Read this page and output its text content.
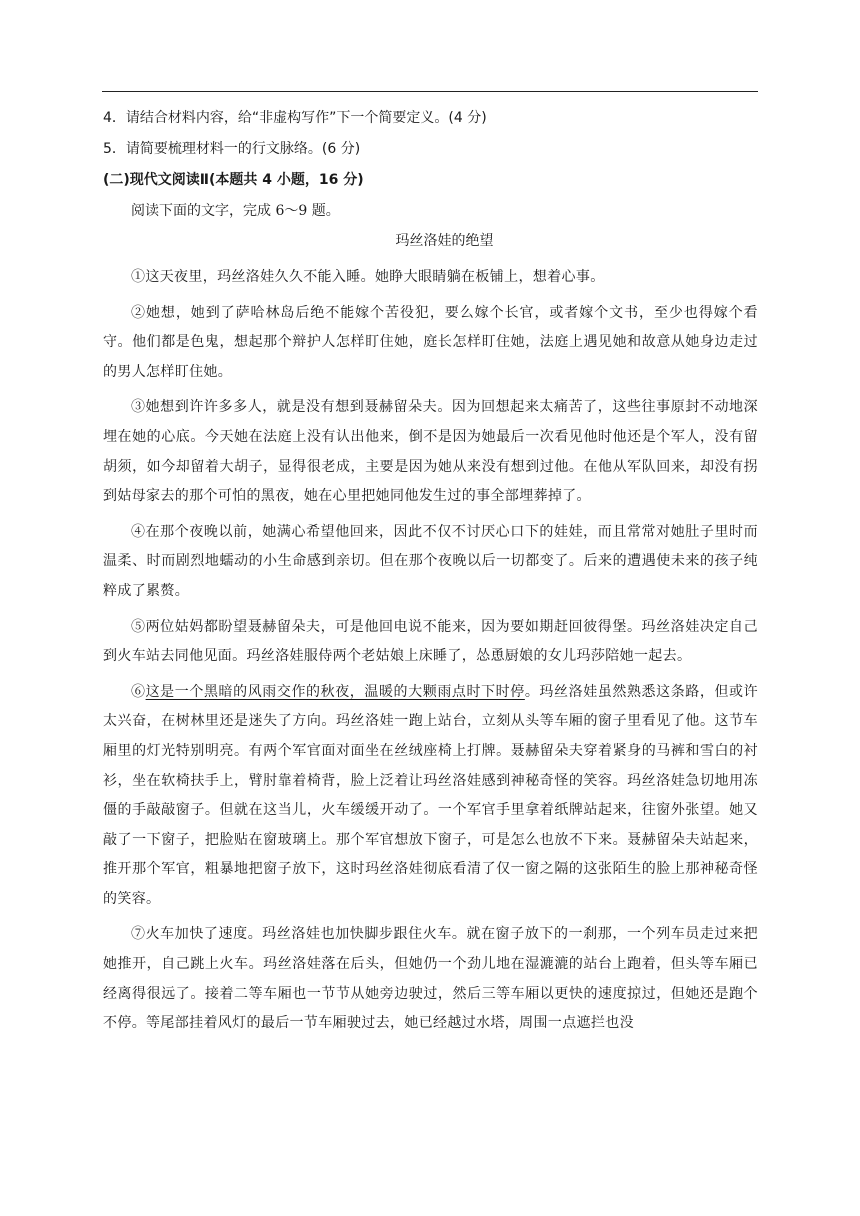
4．请结合材料内容，给“非虚构写作”下一个简要定义。(4 分)

5．请简要梳理材料一的行文脉络。(6 分)

(二)现代文阅读Ⅱ(本题共 4 小题，16 分)

阅读下面的文字，完成 6～9 题。

玛丝洛娃的绝望

①这天夜里，玛丝洛娃久久不能入睡。她睁大眼睛躺在板铺上，想着心事。

②她想，她到了萨哈林岛后绝不能嫁个苦役犯，要么嫁个长官，或者嫁个文书，至少也得嫁个看守。他们都是色鬼，想起那个辩护人怎样盯住她，庭长怎样盯住她，法庭上遇见她和故意从她身边走过的男人怎样盯住她。

③她想到许许多多人，就是没有想到聂赫留朵夫。因为回想起来太痛苦了，这些往事原封不动地深埋在她的心底。今天她在法庭上没有认出他来，倒不是因为她最后一次看见他时他还是个军人，没有留胡须，如今却留着大胡子，显得很老成，主要是因为她从来没有想到过他。在他从军队回来，却没有拐到姑母家去的那个可怕的黑夜，她在心里把她同他发生过的事全部埋葬掉了。

④在那个夜晚以前，她满心希望他回来，因此不仅不讨厌心口下的娃娃，而且常常对她肚子里时而温柔、时而剧烈地蠕动的小生命感到亲切。但在那个夜晚以后一切都变了。后来的遭遇使未来的孩子纯粹成了累赘。

⑤两位姑妈都盼望聂赫留朵夫，可是他回电说不能来，因为要如期赶回彼得堡。玛丝洛娃决定自己到火车站去同他见面。玛丝洛娃服侍两个老姑娘上床睡了，怂恿厨娘的女儿玛莎陪她一起去。

⑥这是一个黑暗的风雨交作的秋夜，温暖的大颗雨点时下时停。玛丝洛娃虽然熟悉这条路，但或许太兴奋，在树林里还是迷失了方向。玛丝洛娃一跑上站台，立刻从头等车厢的窗子里看见了他。这节车厢里的灯光特别明亮。有两个军官面对面坐在丝绒座椅上打牌。聂赫留朵夫穿着紧身的马裤和雪白的衬衫，坐在软椅扶手上，臂肘靠着椅背，脸上泛着让玛丝洛娃感到神秘奇怪的笑容。玛丝洛娃急切地用冻僵的手敲敲窗子。但就在这当儿，火车缓缓开动了。一个军官手里拿着纸牌站起来，往窗外张望。她又敲了一下窗子，把脸贴在窗玻璃上。那个军官想放下窗子，可是怎么也放不下来。聂赫留朵夫站起来，推开那个军官，粗暴地把窗子放下，这时玛丝洛娃彻底看清了仅一窗之隔的这张陌生的脸上那神秘奇怪的笑容。

⑦火车加快了速度。玛丝洛娃也加快脚步跟住火车。就在窗子放下的一刹那，一个列车员走过来把她推开，自己跳上火车。玛丝洛娃落在后头，但她仍一个劲儿地在湿漉漉的站台上跑着，但头等车厢已经离得很远了。接着二等车厢也一节节从她旁边驶过，然后三等车厢以更快的速度掠过，但她还是跑个不停。等尾部挂着风灯的最后一节车厢驶过去，她已经越过水塔，周围一点遮拦也没
